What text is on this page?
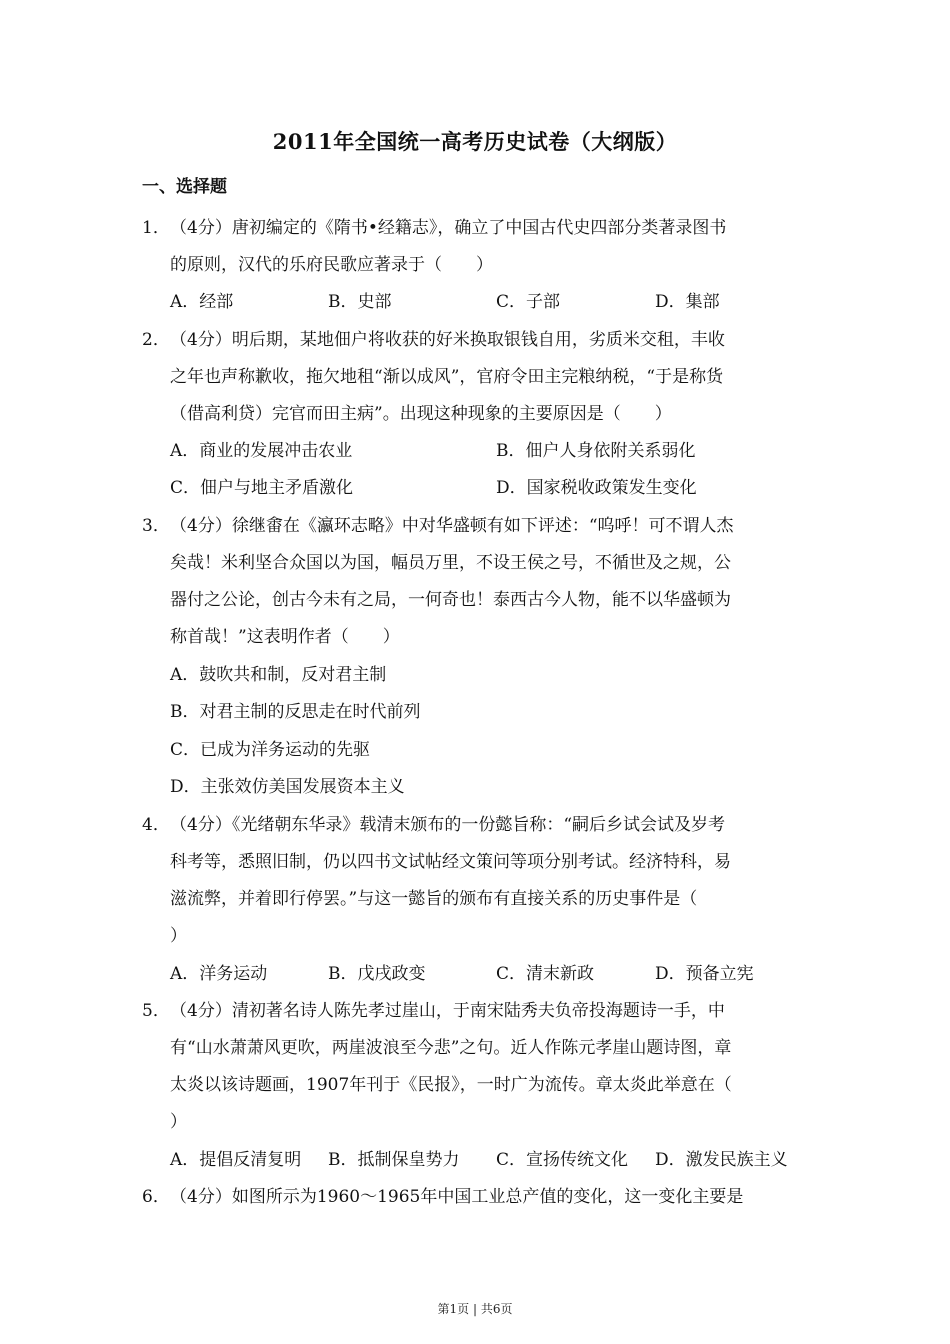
2011年全国统一高考历史试卷（大纲版）
一、选择题
1． （4分）唐初编定的《隋书•经籍志》，确立了中国古代史四部分类著录图书
的原则，汉代的乐府民歌应著录于（　　）
A．经部	B．史部	C．子部	D．集部
2． （4分）明后期，某地佃户将收获的好米换取银钱自用，劣质米交租，丰收
之年也声称歉收，拖欠地租“渐以成风”，官府令田主完粮纳税，“于是称货
（借高利贷）完官而田主病”。出现这种现象的主要原因是（　　）
A．商业的发展冲击农业	B．佃户人身依附关系弱化
C．佃户与地主矛盾激化	D．国家税收政策发生变化
3． （4分）徐继畬在《瀛环志略》中对华盛顿有如下评述：“呜呼！可不谓人杰
矣哉！米利坚合众国以为国，幅员万里，不设王侯之号，不循世及之规，公
器付之公论，创古今未有之局，一何奇也！泰西古今人物，能不以华盛顿为
称首哉！”这表明作者（　　）
A．鼓吹共和制，反对君主制
B．对君主制的反思走在时代前列
C．已成为洋务运动的先驱
D．主张效仿美国发展资本主义
4． （4分）《光绪朝东华录》载清末颁布的一份懿旨称：“嗣后乡试会试及岁考
科考等，悉照旧制，仍以四书文试帖经文策问等项分别考试。经济特科，易
滋流弊，并着即行停罢。”与这一懿旨的颁布有直接关系的历史事件是（
）
A．洋务运动	B．戊戌政变	C．清末新政	D．预备立宪
5． （4分）清初著名诗人陈先孝过崖山，于南宋陆秀夫负帝投海题诗一手，中
有“山水萧萧风更吹，两崖波浪至今悲”之句。近人作陈元孝崖山题诗图，章
太炎以该诗题画，1907年刊于《民报》，一时广为流传。章太炎此举意在（
）
A．提倡反清复明 B．抵制保皇势力 C．宣扬传统文化 D．激发民族主义
6． （4分）如图所示为1960～1965年中国工业总产值的变化，这一变化主要是
第1页 | 共6页
